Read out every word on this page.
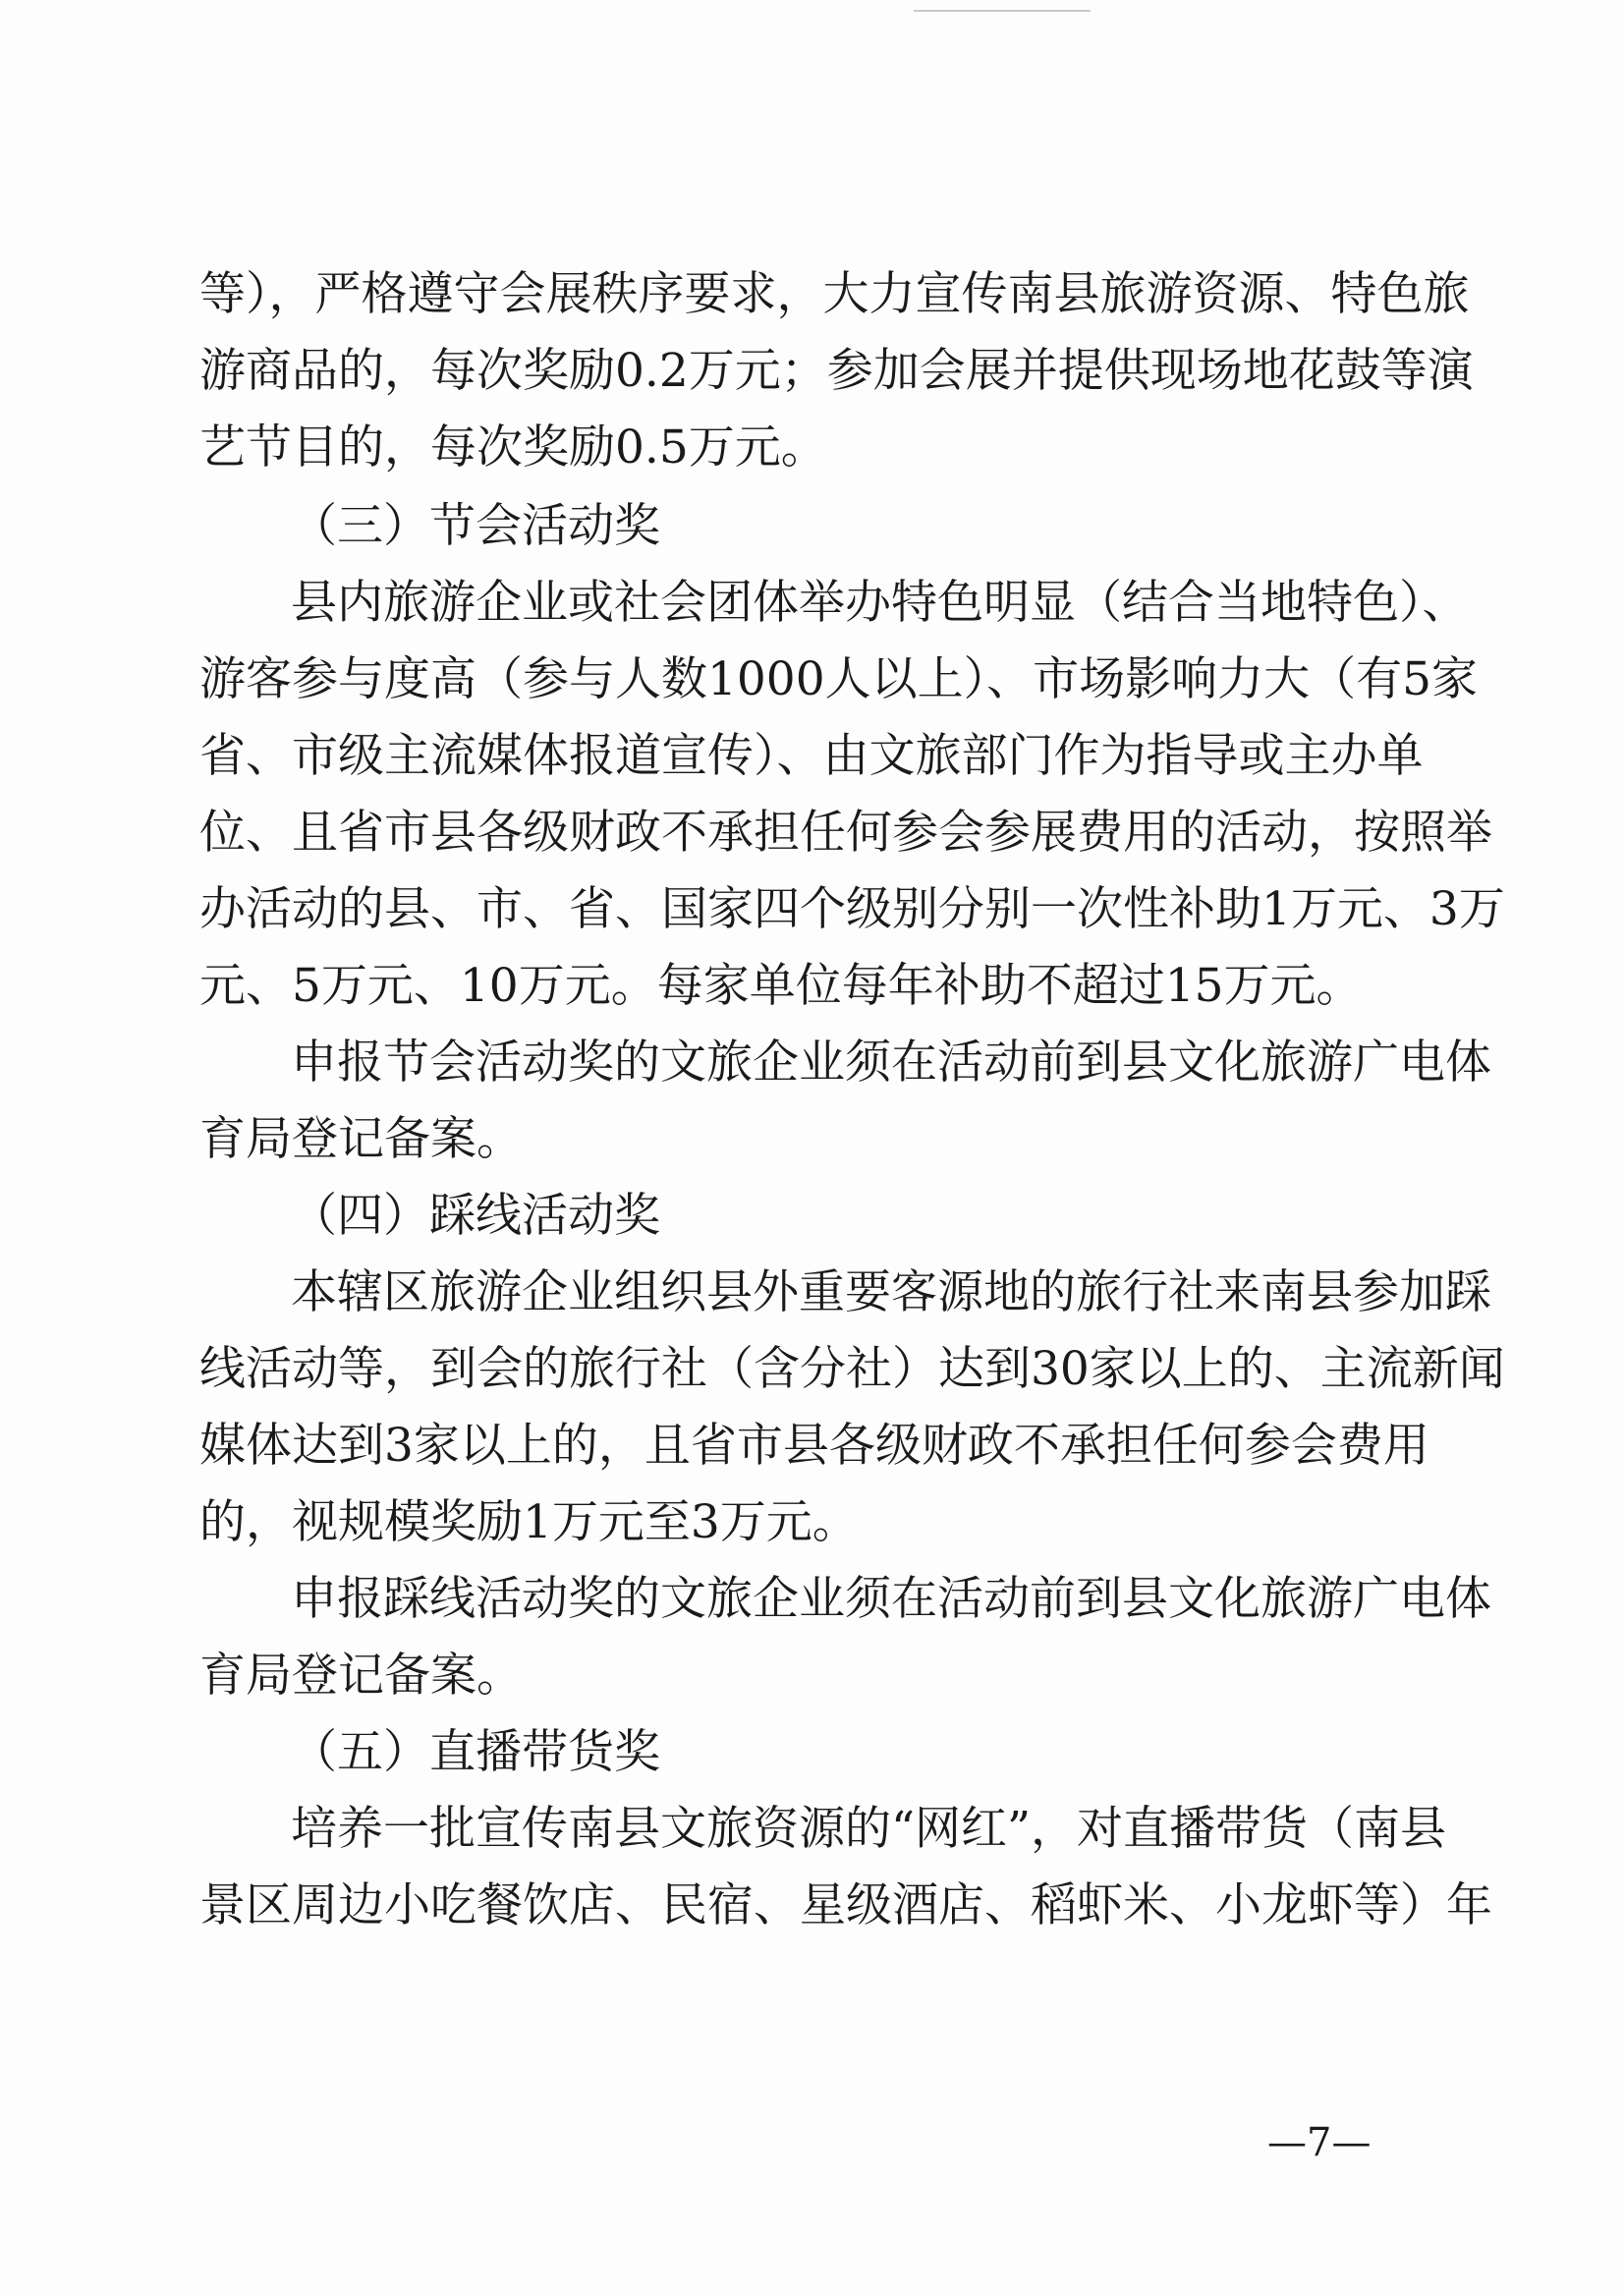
等），严格遵守会展秩序要求，大力宣传南县旅游资源、特色旅
游商品的，每次奖励0.2万元；参加会展并提供现场地花鼓等演
艺节目的，每次奖励0.5万元。
（三）节会活动奖
县内旅游企业或社会团体举办特色明显（结合当地特色）、
游客参与度高（参与人数1000人以上）、市场影响力大（有5家
省、市级主流媒体报道宣传）、由文旅部门作为指导或主办单
位、且省市县各级财政不承担任何参会参展费用的活动，按照举
办活动的县、市、省、国家四个级别分别一次性补助1万元、3万
元、5万元、10万元。每家单位每年补助不超过15万元。
申报节会活动奖的文旅企业须在活动前到县文化旅游广电体
育局登记备案。
（四）踩线活动奖
本辖区旅游企业组织县外重要客源地的旅行社来南县参加踩
线活动等，到会的旅行社（含分社）达到30家以上的、主流新闻
媒体达到3家以上的，且省市县各级财政不承担任何参会费用
的，视规模奖励1万元至3万元。
申报踩线活动奖的文旅企业须在活动前到县文化旅游广电体
育局登记备案。
（五）直播带货奖
培养一批宣传南县文旅资源的“网红”，对直播带货（南县
景区周边小吃餐饮店、民宿、星级酒店、稻虾米、小龙虾等）年
—7—
